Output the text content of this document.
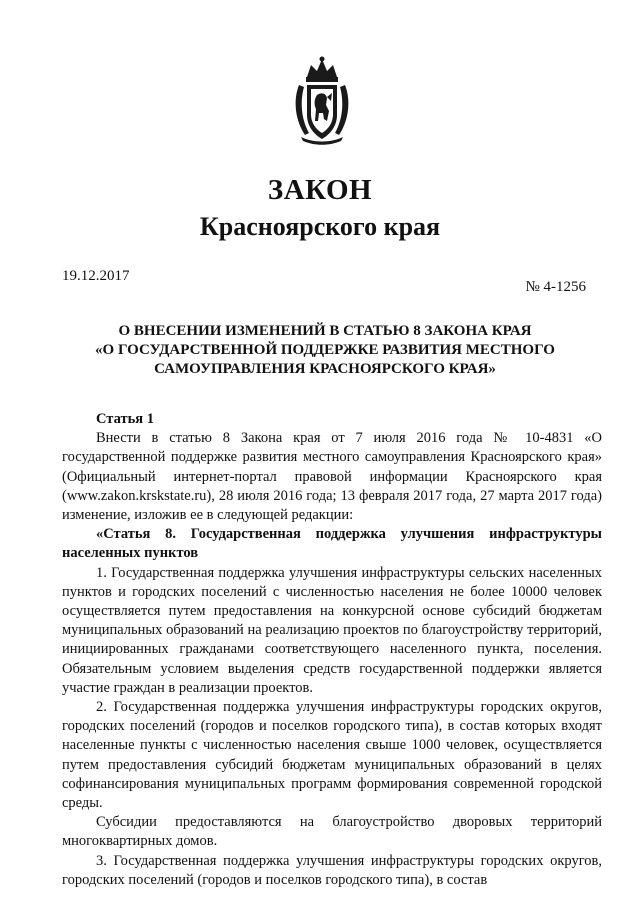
ЗАКОН
Красноярского края
19.12.2017
№ 4-1256
О ВНЕСЕНИИ ИЗМЕНЕНИЙ В СТАТЬЮ 8 ЗАКОНА КРАЯ
«О ГОСУДАРСТВЕННОЙ ПОДДЕРЖКЕ РАЗВИТИЯ МЕСТНОГО
САМОУПРАВЛЕНИЯ КРАСНОЯРСКОГО КРАЯ»

Статья 1

Внести в статью 8 Закона края от 7 июля 2016 года № 10-4831 «О государственной поддержке развития местного самоуправления Красноярского края» (Официальный интернет-портал правовой информации Красноярского края (www.zakon.krskstate.ru), 28 июля 2016 года; 13 февраля 2017 года, 27 марта 2017 года) изменение, изложив ее в следующей редакции:

«Статья 8. Государственная поддержка улучшения инфраструктуры населенных пунктов

1. Государственная поддержка улучшения инфраструктуры сельских населенных пунктов и городских поселений с численностью населения не более 10000 человек осуществляется путем предоставления на конкурсной основе субсидий бюджетам муниципальных образований на реализацию проектов по благоустройству территорий, инициированных гражданами соответствующего населенного пункта, поселения. Обязательным условием выделения средств государственной поддержки является участие граждан в реализации проектов.

2. Государственная поддержка улучшения инфраструктуры городских округов, городских поселений (городов и поселков городского типа), в состав которых входят населенные пункты с численностью населения свыше 1000 человек, осуществляется путем предоставления субсидий бюджетам муниципальных образований в целях софинансирования муниципальных программ формирования современной городской среды.

Субсидии предоставляются на благоустройство дворовых территорий многоквартирных домов.

3. Государственная поддержка улучшения инфраструктуры городских округов, городских поселений (городов и поселков городского типа), в состав
